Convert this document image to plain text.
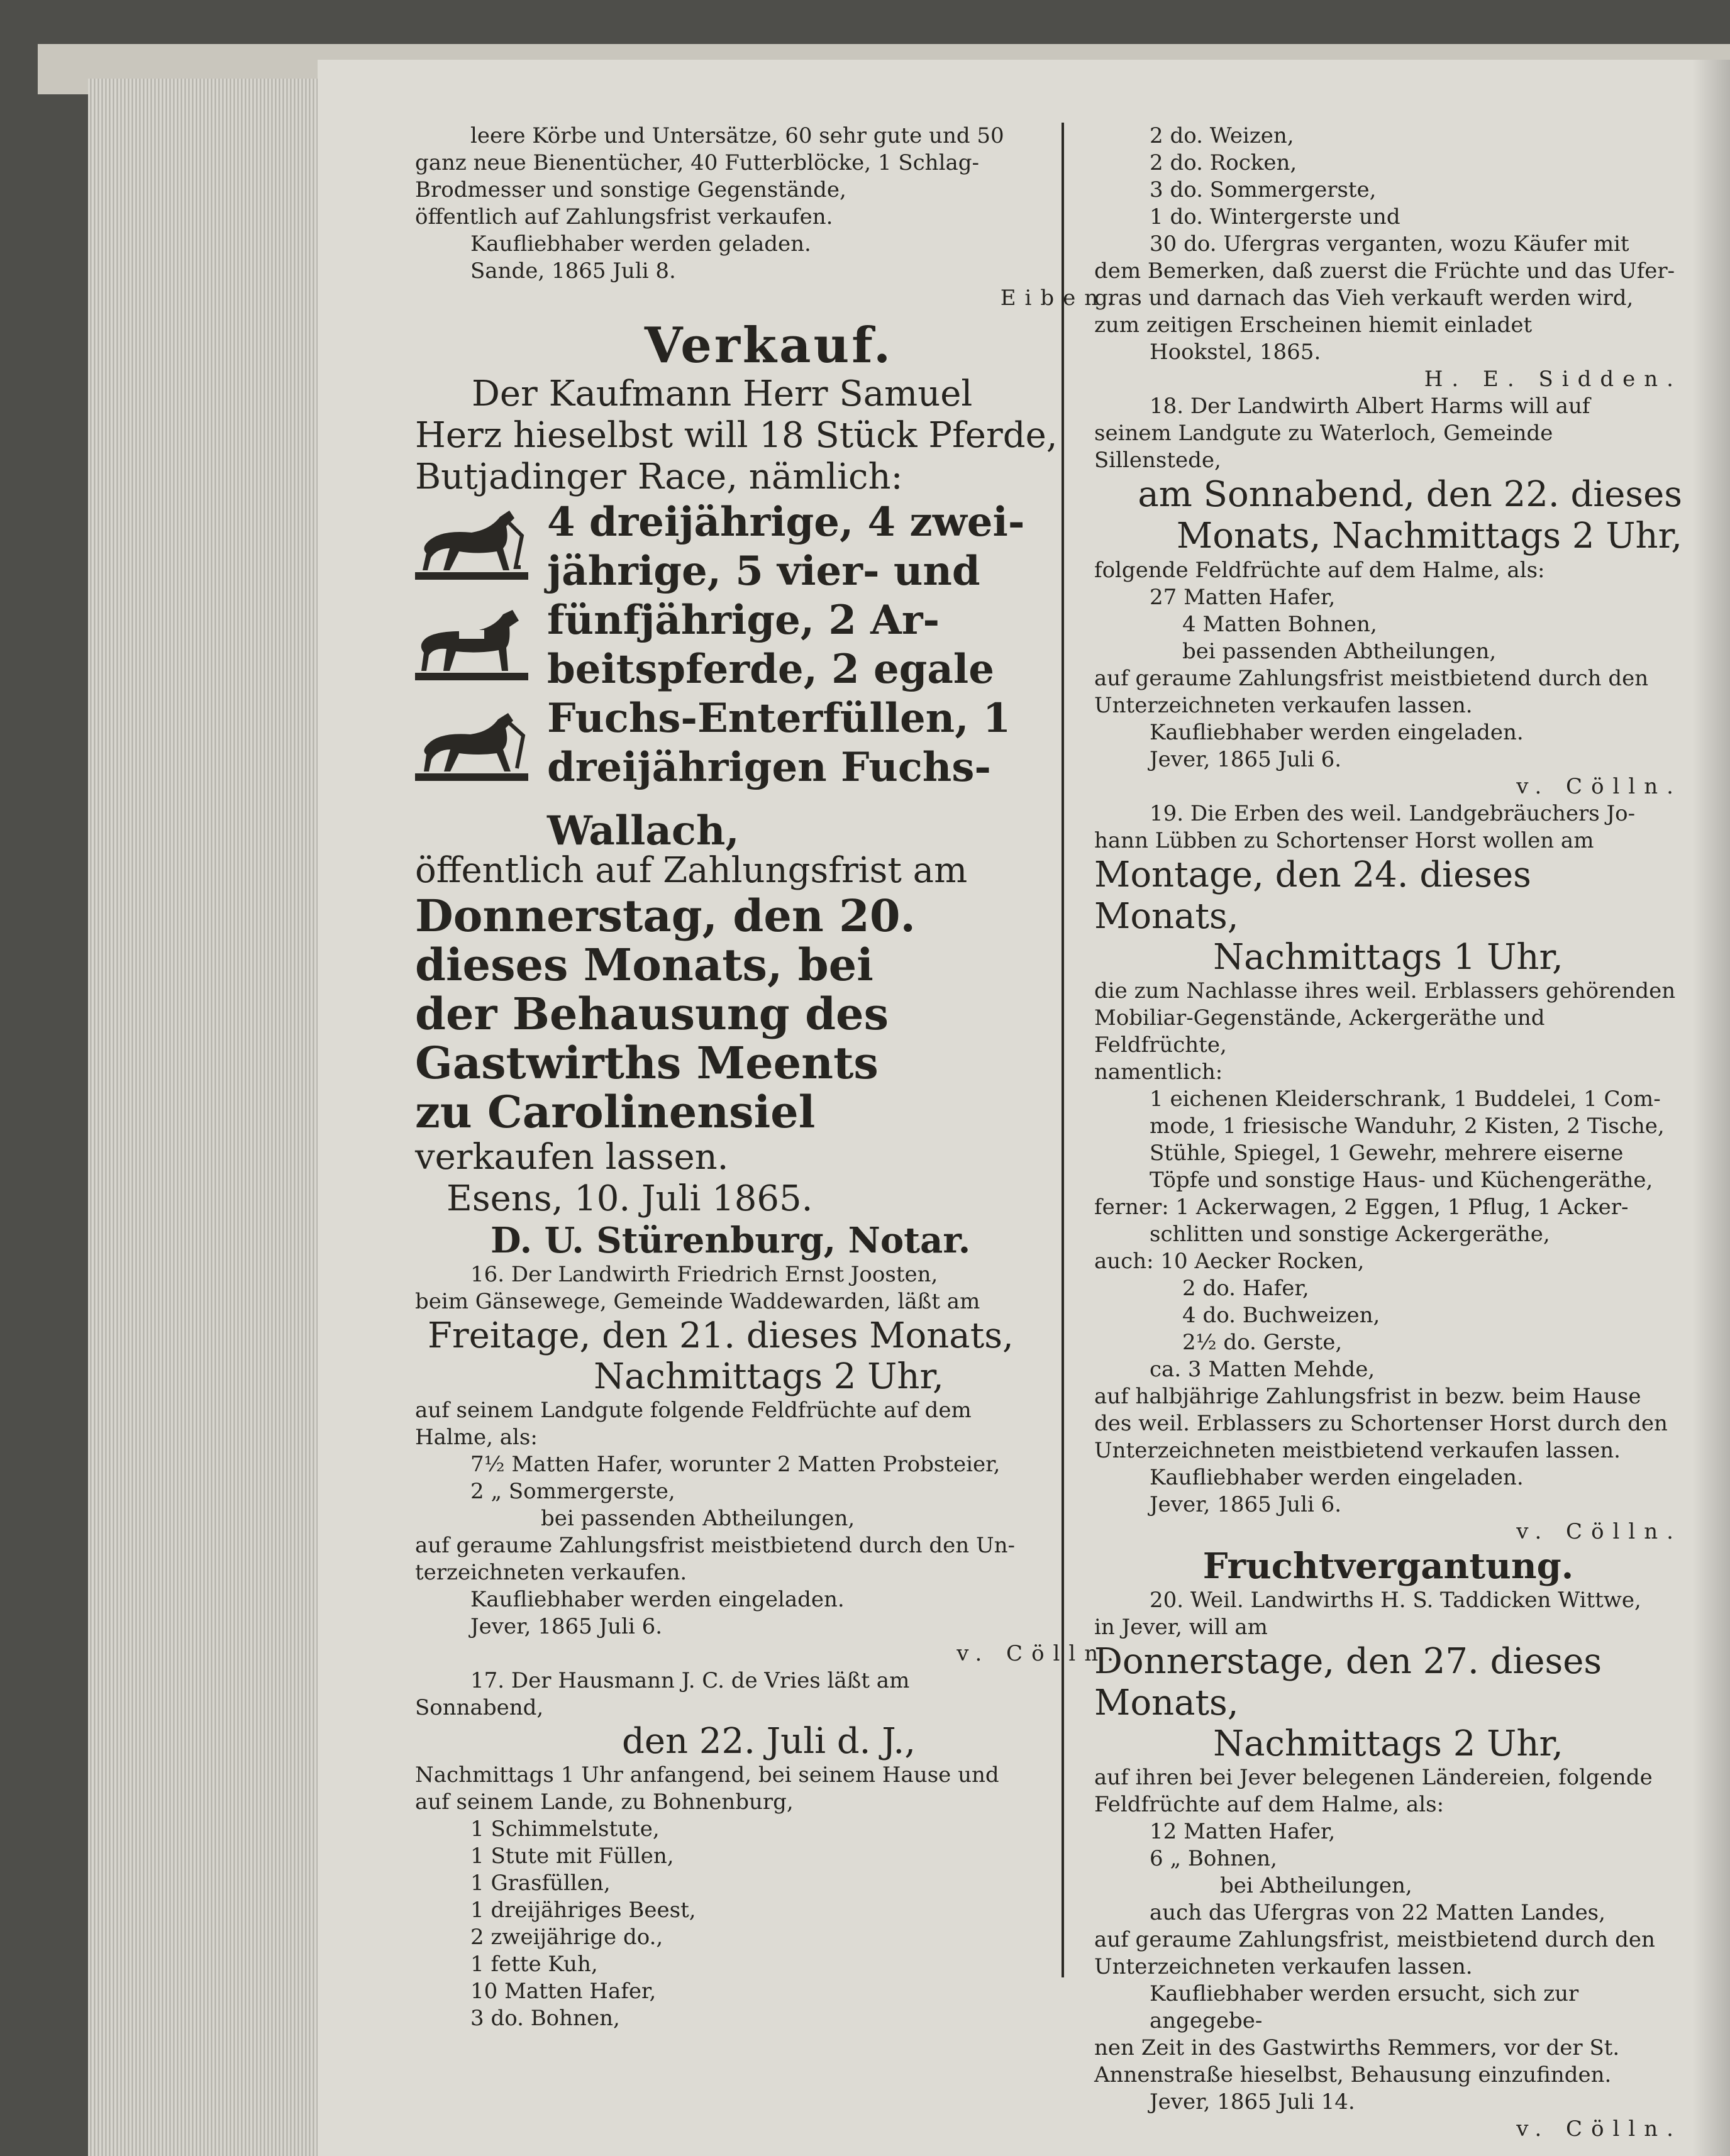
leere Körbe und Untersätze, 60 sehr gute und 50

ganz neue Bienentücher, 40 Futterblöcke, 1 Schlag-

Brodmesser und sonstige Gegenstände,

öffentlich auf Zahlungsfrist verkaufen.

Kaufliebhaber werden geladen.

Sande, 1865 Juli 8.

Eiben.

Verkauf.

Der Kaufmann Herr Samuel

Herz hieselbst will 18 Stück Pferde,

Butjadinger Race, nämlich:

4 dreijährige, 4 zwei-

jährige, 5 vier- und

fünfjährige, 2 Ar-

beitspferde, 2 egale

Fuchs-Enterfüllen, 1

dreijährigen Fuchs-

Wallach,

öffentlich auf Zahlungsfrist am

Donnerstag, den 20.

dieses Monats, bei

der Behausung des

Gastwirths Meents

zu Carolinensiel

verkaufen lassen.

Esens, 10. Juli 1865.

D. U. Stürenburg, Notar.

16. Der Landwirth Friedrich Ernst Joosten,

beim Gänsewege, Gemeinde Waddewarden, läßt am

Freitage, den 21. dieses Monats,

Nachmittags 2 Uhr,

auf seinem Landgute folgende Feldfrüchte auf dem

Halme, als:

7½ Matten Hafer, worunter 2 Matten Probsteier,

2 „ Sommergerste,

bei passenden Abtheilungen,

auf geraume Zahlungsfrist meistbietend durch den Un-

terzeichneten verkaufen.

Kaufliebhaber werden eingeladen.

Jever, 1865 Juli 6.

v. Cölln.

17. Der Hausmann J. C. de Vries läßt am

Sonnabend,

den 22. Juli d. J.,

Nachmittags 1 Uhr anfangend, bei seinem Hause und

auf seinem Lande, zu Bohnenburg,

1 Schimmelstute,

1 Stute mit Füllen,

1 Grasfüllen,

1 dreijähriges Beest,

2 zweijährige do.,

1 fette Kuh,

10 Matten Hafer,

3 do. Bohnen,

2 do. Weizen,

2 do. Rocken,

3 do. Sommergerste,

1 do. Wintergerste und

30 do. Ufergras verganten, wozu Käufer mit

dem Bemerken, daß zuerst die Früchte und das Ufer-

gras und darnach das Vieh verkauft werden wird,

zum zeitigen Erscheinen hiemit einladet

Hookstel, 1865.

H. E. Sidden.

18. Der Landwirth Albert Harms will auf

seinem Landgute zu Waterloch, Gemeinde Sillenstede,

am Sonnabend, den 22. dieses

Monats, Nachmittags 2 Uhr,

folgende Feldfrüchte auf dem Halme, als:

27 Matten Hafer,

4 Matten Bohnen,

bei passenden Abtheilungen,

auf geraume Zahlungsfrist meistbietend durch den

Unterzeichneten verkaufen lassen.

Kaufliebhaber werden eingeladen.

Jever, 1865 Juli 6.

v. Cölln.

19. Die Erben des weil. Landgebräuchers Jo-

hann Lübben zu Schortenser Horst wollen am

Montage, den 24. dieses Monats,

Nachmittags 1 Uhr,

die zum Nachlasse ihres weil. Erblassers gehörenden

Mobiliar-Gegenstände, Ackergeräthe und Feldfrüchte,

namentlich:

1 eichenen Kleiderschrank, 1 Buddelei, 1 Com-

mode, 1 friesische Wanduhr, 2 Kisten, 2 Tische,

Stühle, Spiegel, 1 Gewehr, mehrere eiserne

Töpfe und sonstige Haus- und Küchengeräthe,

ferner: 1 Ackerwagen, 2 Eggen, 1 Pflug, 1 Acker-

schlitten und sonstige Ackergeräthe,

auch: 10 Aecker Rocken,

2 do. Hafer,

4 do. Buchweizen,

2½ do. Gerste,

ca. 3 Matten Mehde,

auf halbjährige Zahlungsfrist in bezw. beim Hause

des weil. Erblassers zu Schortenser Horst durch den

Unterzeichneten meistbietend verkaufen lassen.

Kaufliebhaber werden eingeladen.

Jever, 1865 Juli 6.

v. Cölln.

Fruchtvergantung.

20. Weil. Landwirths H. S. Taddicken Wittwe,

in Jever, will am

Donnerstage, den 27. dieses Monats,

Nachmittags 2 Uhr,

auf ihren bei Jever belegenen Ländereien, folgende

Feldfrüchte auf dem Halme, als:

12 Matten Hafer,

6 „ Bohnen,

bei Abtheilungen,

auch das Ufergras von 22 Matten Landes,

auf geraume Zahlungsfrist, meistbietend durch den

Unterzeichneten verkaufen lassen.

Kaufliebhaber werden ersucht, sich zur angegebe-

nen Zeit in des Gastwirths Remmers, vor der St.

Annenstraße hieselbst, Behausung einzufinden.

Jever, 1865 Juli 14.

v. Cölln.
